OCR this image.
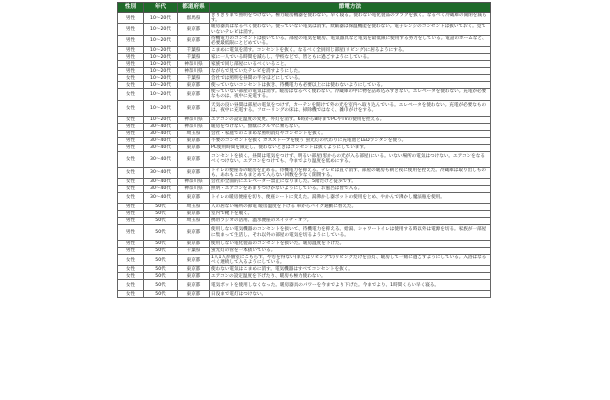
性別	年代	都道府県	節電方法
男性	10～20代	群馬県	ぎりぎりまで照明をつけない。極力暖房機器を使わない。早く寝る。使わない電化製品のプラグを抜く。なるべく冷蔵庫の開閉を減らす。
男性	10～20代	東京都	暖房器具はなるべく使わない。使っていない電気は消す。炊飯器は保温機能を使わない。電子レンジのコンセントは抜いておく。見ていないテレビは消す。
男性	10～20代	東京都	待機電力のコンセントは抜いている。部屋の電気を暖房、電気器具など電気を最低限に使用する努力をしている。電話のホームなど、必要最低限にとどめている。
男性	10～20代	千葉県	こまめに電気を消す。コンセントを抜く。なるべく全員同じ部屋(リビング)に居るようにする。
男性	10～20代	千葉県	家に一人でいる時間を減らし、学校などで、皆ともに過ごすようにしている。
男性	10～20代	神奈川県	家族で同じ部屋にいるべくいること。
男性	10～20代	神奈川県	ながらで見ていたテレビを消すようにした。
女性	10～20代	千葉県	会社では照明を昼間の半分ほどにしている。
女性	10～20代	東京都	使っていないコンセントは抜き、待機電力も必要以上には使わないようにしている。
女性	10～20代	東京都	使っていない部屋の電気は消す。暖房はなるべく使わない。冷蔵庫の中に物を詰め込みすぎない。エレベータを使わない。充電が必要なものは、夜中に充電する。
女性	10～20代	東京都	天気の良い昼間は部屋の電気をつけず、カーテンを開けて外の光を室内へ取り込んでいる。エレベータを使わない。充電が必要なものは、夜中に充電する。フローリングの床は、掃除機ではなく、雑巾がけをする。
女性	10～20代	神奈川県	エアコンの設定温度の変更、外灯を消す。6時から8時までPCやTVの使用を控える。
男性	30～40代	神奈川県	暖房をつけない。無駄にクルマに乗らない。
男性	30～40代	埼玉県	会社・家庭でのこまめな照明消灯やコンセントを抜く。
男性	30～40代	東京都	不要のコンセントを抜く ガスストーブを使う 蛍光灯の代わりに充電池とLEDランタンを使う。
男性	30～40代	東京都	PC使用時間を限定し、使わないときはコンセントは抜くようにしています。
女性	30～40代	東京都	コンセントを抜く。昼間は電気をつけず、明るい部屋(窓からの光が入る部屋)にいる。いない場所の電気はつけない。エアコンをなるべくつけない。エアコンをつけても、今までより温度を低めにする。
女性	30～40代	東京都	トイレの便座等の暖房を止める。待機電力を抑える。テレビは直ぐ消す、部屋の暖房も朝と夜に使用を控えた。冷蔵庫は取り出しものも、あれもこれもまとめて入らない回数を少なく開閉する。
女性	30～40代	神奈川県	会社が全面的にエレベーター禁止になりました。5階だけど徒歩です。
女性	30～40代	神奈川県	照明・エアコンをあまりつけかないようにしている。お風呂は皆で入る。
女性	30～40代	東京都	トイレの暖房便座を切り、便座シートに変えた。湯沸かし器ポットの使用をとめ、やかんで沸かし魔法瓶を使用。
男性	50代	埼玉県	人の居ない場所の節電 暖房温度を下げる 車からバイク通勤に替えた。
男性	50代	東京都	室内で靴下を履く。
男性	50代	埼玉県	携帯ラジオの活用、温水便座のスイッチ・オフ。
男性	50代	東京都	使用しない電気機器のコンセントを抜いて、待機電力を抑える。給湯、シャワートイレは使用する時以外は電源を切る。家族が一部屋に集まって生活し、それ以外の部屋の電気を切るようにしている。
男性	50代	東京都	使用しない電化製品のコンセントを抜いた。暖房温度を下げた。
男性	50代	千葉県	蛍光灯の管を一本抜いている。
女性	50代	東京都	1人1人が個室にこもらず、やむを得ない(またはリビングで)リビングだけを点灯、暖房して一緒に過ごすようにしている。入浴はなるべく連続して入るようにしている。
女性	50代	東京都	使わない電気はこまめに消す。電気機器はすべてコンセントを抜く。
女性	50代	東京都	エアコンの設定温度を下げたり、暖房も極力使わない。
女性	50代	東京都	電気ポットを使用しなくなった。暖房器具のパワーを今までより下げた。今までより、1時間くらい早く寝る。
女性	50代	東京都	日没まで電灯はつけない。
